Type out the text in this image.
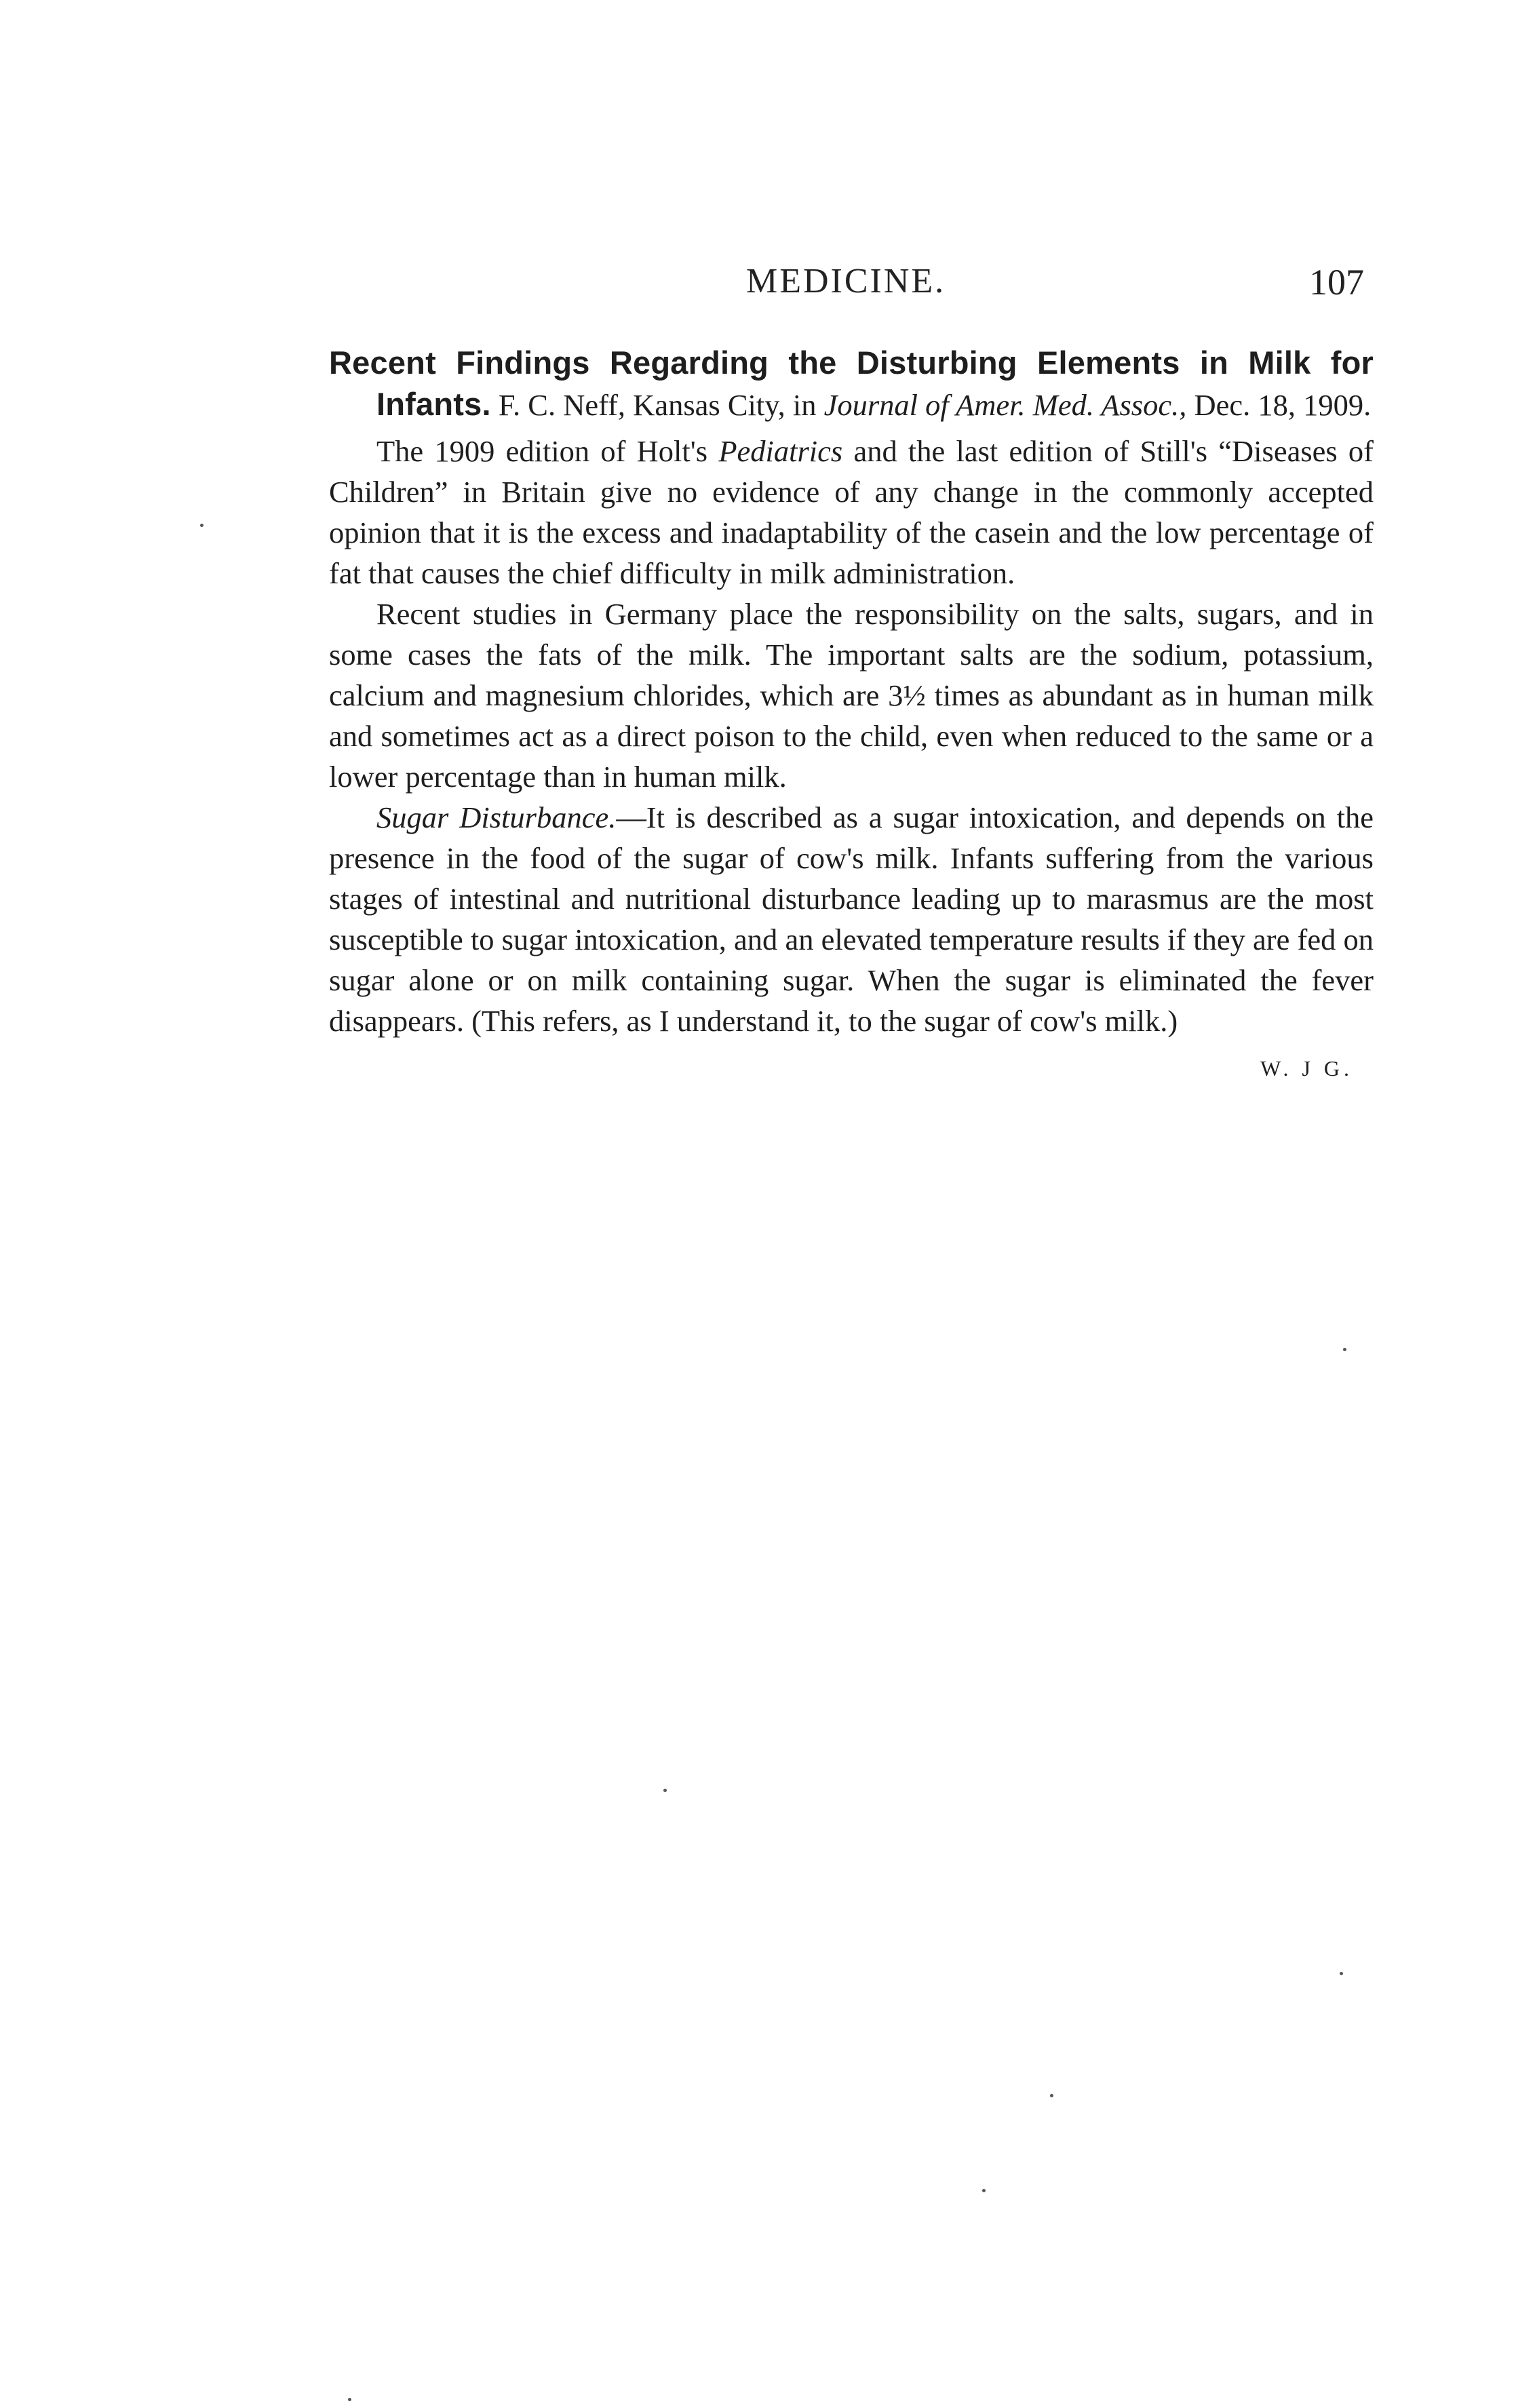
MEDICINE.	107

Recent Findings Regarding the Disturbing Elements in Milk for Infants. F. C. Neff, Kansas City, in Journal of Amer. Med. Assoc., Dec. 18, 1909.

The 1909 edition of Holt's Pediatrics and the last edition of Still's “Diseases of Children” in Britain give no evidence of any change in the commonly accepted opinion that it is the excess and inadaptability of the casein and the low percentage of fat that causes the chief difficulty in milk administration.

Recent studies in Germany place the responsibility on the salts, sugars, and in some cases the fats of the milk. The important salts are the sodium, potassium, calcium and magnesium chlorides, which are 3½ times as abundant as in human milk and sometimes act as a direct poison to the child, even when reduced to the same or a lower percentage than in human milk.

Sugar Disturbance.—It is described as a sugar intoxication, and depends on the presence in the food of the sugar of cow's milk. Infants suffering from the various stages of intestinal and nutritional disturbance leading up to marasmus are the most susceptible to sugar intoxication, and an elevated temperature results if they are fed on sugar alone or on milk containing sugar. When the sugar is eliminated the fever disappears. (This refers, as I understand it, to the sugar of cow's milk.)

W. J G.
